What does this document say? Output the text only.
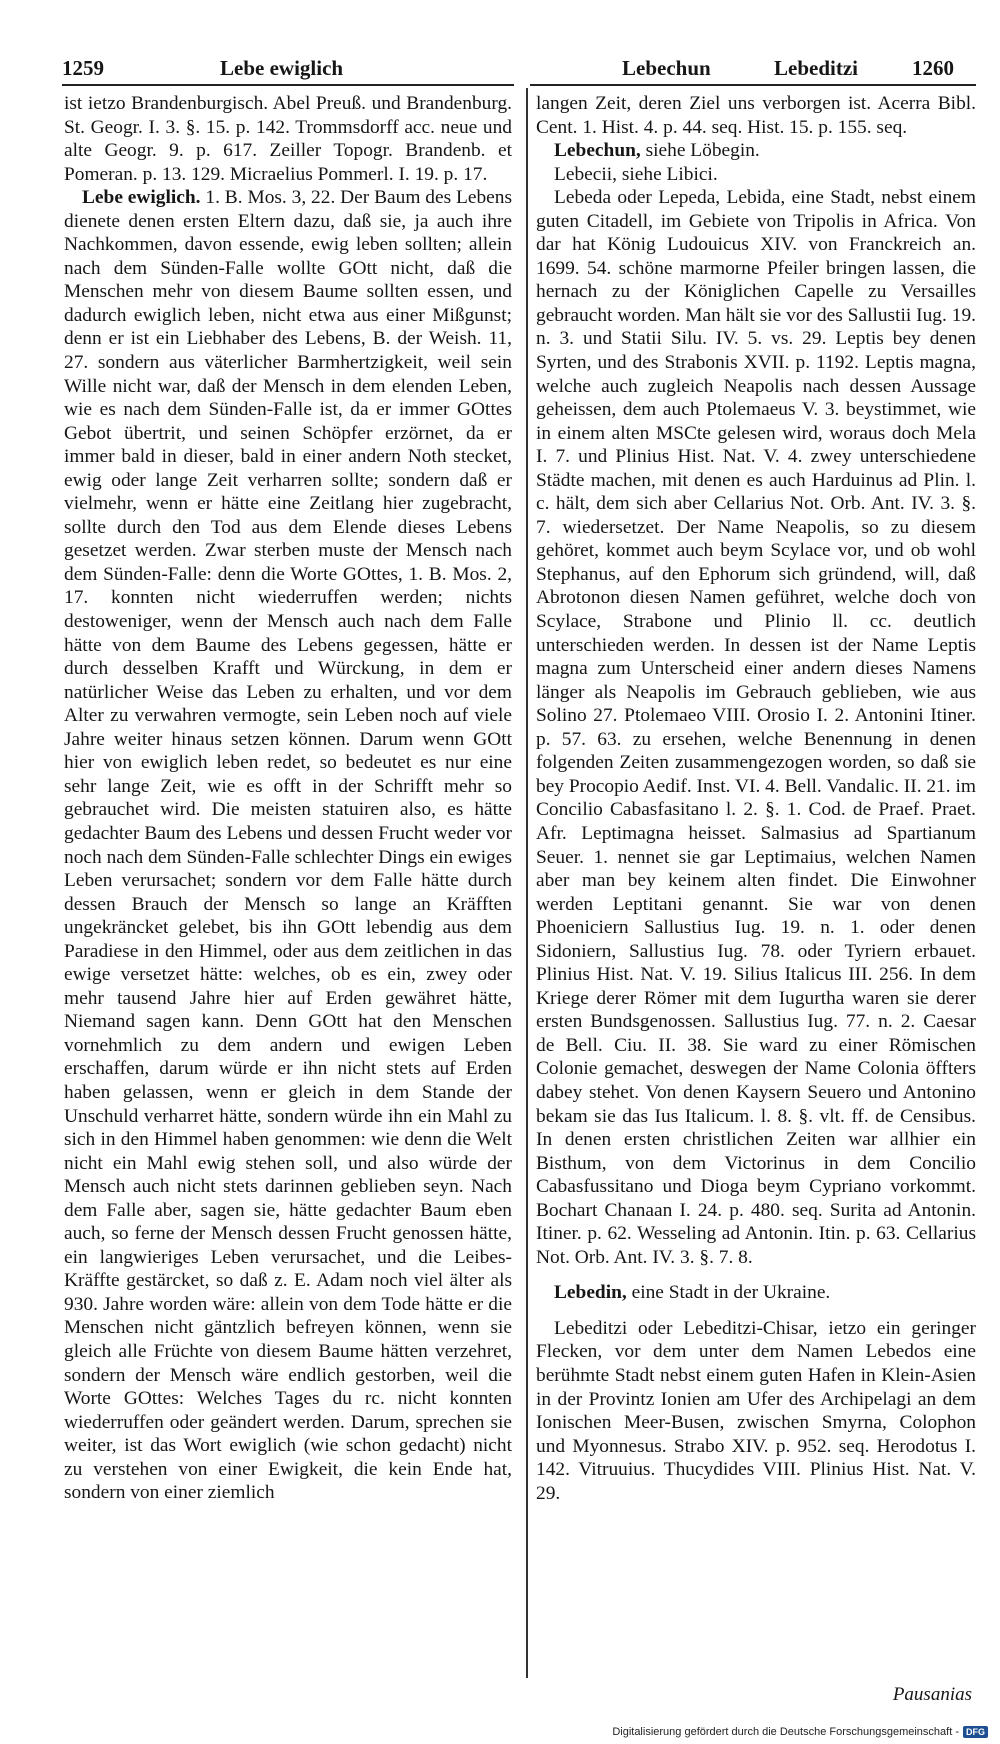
1259	Lebe ewiglich	Lebechun	Lebeditzi	1260

ist ietzo Brandenburgisch. Abel Preuß. und Brandenburg. St. Geogr. I. 3. §. 15. p. 142. Trommsdorff acc. neue und alte Geogr. 9. p. 617. Zeiller Topogr. Brandenb. et Pomeran. p. 13. 129. Micraelius Pommerl. I. 19. p. 17.

Lebe ewiglich. 1. B. Mos. 3, 22. Der Baum des Lebens dienete denen ersten Eltern dazu, daß sie, ja auch ihre Nachkommen, davon essende, ewig leben sollten; allein nach dem Sünden-Falle wollte GOtt nicht, daß die Menschen mehr von diesem Baume sollten essen, und dadurch ewiglich leben, nicht etwa aus einer Mißgunst; denn er ist ein Liebhaber des Lebens, B. der Weish. 11, 27. sondern aus väterlicher Barmhertzigkeit, weil sein Wille nicht war, daß der Mensch in dem elenden Leben, wie es nach dem Sünden-Falle ist, da er immer GOttes Gebot übertrit, und seinen Schöpfer erzörnet, da er immer bald in dieser, bald in einer andern Noth stecket, ewig oder lange Zeit verharren sollte; sondern daß er vielmehr, wenn er hätte eine Zeitlang hier zugebracht, sollte durch den Tod aus dem Elende dieses Lebens gesetzet werden. Zwar sterben muste der Mensch nach dem Sünden-Falle: denn die Worte GOttes, 1. B. Mos. 2, 17. konnten nicht wiederruffen werden; nichts destoweniger, wenn der Mensch auch nach dem Falle hätte von dem Baume des Lebens gegessen, hätte er durch desselben Krafft und Würckung, in dem er natürlicher Weise das Leben zu erhalten, und vor dem Alter zu verwahren vermogte, sein Leben noch auf viele Jahre weiter hinaus setzen können. Darum wenn GOtt hier von ewiglich leben redet, so bedeutet es nur eine sehr lange Zeit, wie es offt in der Schrifft mehr so gebrauchet wird. Die meisten statuiren also, es hätte gedachter Baum des Lebens und dessen Frucht weder vor noch nach dem Sünden-Falle schlechter Dings ein ewiges Leben verursachet; sondern vor dem Falle hätte durch dessen Brauch der Mensch so lange an Kräfften ungekräncket gelebet, bis ihn GOtt lebendig aus dem Paradiese in den Himmel, oder aus dem zeitlichen in das ewige versetzet hätte: welches, ob es ein, zwey oder mehr tausend Jahre hier auf Erden gewähret hätte, Niemand sagen kann. Denn GOtt hat den Menschen vornehmlich zu dem andern und ewigen Leben erschaffen, darum würde er ihn nicht stets auf Erden haben gelassen, wenn er gleich in dem Stande der Unschuld verharret hätte, sondern würde ihn ein Mahl zu sich in den Himmel haben genommen: wie denn die Welt nicht ein Mahl ewig stehen soll, und also würde der Mensch auch nicht stets darinnen geblieben seyn. Nach dem Falle aber, sagen sie, hätte gedachter Baum eben auch, so ferne der Mensch dessen Frucht genossen hätte, ein langwieriges Leben verursachet, und die Leibes-Kräffte gestärcket, so daß z. E. Adam noch viel älter als 930. Jahre worden wäre: allein von dem Tode hätte er die Menschen nicht gäntzlich befreyen können, wenn sie gleich alle Früchte von diesem Baume hätten verzehret, sondern der Mensch wäre endlich gestorben, weil die Worte GOttes: Welches Tages du rc. nicht konnten wiederruffen oder geändert werden. Darum, sprechen sie weiter, ist das Wort ewiglich (wie schon gedacht) nicht zu verstehen von einer Ewigkeit, die kein Ende hat, sondern von einer ziemlich

langen Zeit, deren Ziel uns verborgen ist. Acerra Bibl. Cent. 1. Hist. 4. p. 44. seq. Hist. 15. p. 155. seq.

Lebechun, siehe Löbegin.

Lebecii, siehe Libici.

Lebeda oder Lepeda, Lebida, eine Stadt, nebst einem guten Citadell, im Gebiete von Tripolis in Africa. Von dar hat König Ludouicus XIV. von Franckreich an. 1699. 54. schöne marmorne Pfeiler bringen lassen, die hernach zu der Königlichen Capelle zu Versailles gebraucht worden. Man hält sie vor des Sallustii Iug. 19. n. 3. und Statii Silu. IV. 5. vs. 29. Leptis bey denen Syrten, und des Strabonis XVII. p. 1192. Leptis magna, welche auch zugleich Neapolis nach dessen Aussage geheissen, dem auch Ptolemaeus V. 3. beystimmet, wie in einem alten MSCte gelesen wird, woraus doch Mela I. 7. und Plinius Hist. Nat. V. 4. zwey unterschiedene Städte machen, mit denen es auch Harduinus ad Plin. l. c. hält, dem sich aber Cellarius Not. Orb. Ant. IV. 3. §. 7. wiedersetzet. Der Name Neapolis, so zu diesem gehöret, kommet auch beym Scylace vor, und ob wohl Stephanus, auf den Ephorum sich gründend, will, daß Abrotonon diesen Namen geführet, welche doch von Scylace, Strabone und Plinio ll. cc. deutlich unterschieden werden. In dessen ist der Name Leptis magna zum Unterscheid einer andern dieses Namens länger als Neapolis im Gebrauch geblieben, wie aus Solino 27. Ptolemaeo VIII. Orosio I. 2. Antonini Itiner. p. 57. 63. zu ersehen, welche Benennung in denen folgenden Zeiten zusammengezogen worden, so daß sie bey Procopio Aedif. Inst. VI. 4. Bell. Vandalic. II. 21. im Concilio Cabasfasitano l. 2. §. 1. Cod. de Praef. Praet. Afr. Leptimagna heisset. Salmasius ad Spartianum Seuer. 1. nennet sie gar Leptimaius, welchen Namen aber man bey keinem alten findet. Die Einwohner werden Leptitani genannt. Sie war von denen Phoeniciern Sallustius Iug. 19. n. 1. oder denen Sidoniern, Sallustius Iug. 78. oder Tyriern erbauet. Plinius Hist. Nat. V. 19. Silius Italicus III. 256. In dem Kriege derer Römer mit dem Iugurtha waren sie derer ersten Bundsgenossen. Sallustius Iug. 77. n. 2. Caesar de Bell. Ciu. II. 38. Sie ward zu einer Römischen Colonie gemachet, deswegen der Name Colonia öffters dabey stehet. Von denen Kaysern Seuero und Antonino bekam sie das Ius Italicum. l. 8. §. vlt. ff. de Censibus. In denen ersten christlichen Zeiten war allhier ein Bisthum, von dem Victorinus in dem Concilio Cabasfussitano und Dioga beym Cypriano vorkommt. Bochart Chanaan I. 24. p. 480. seq. Surita ad Antonin. Itiner. p. 62. Wesseling ad Antonin. Itin. p. 63. Cellarius Not. Orb. Ant. IV. 3. §. 7. 8.

Lebedin, eine Stadt in der Ukraine.

Lebeditzi oder Lebeditzi-Chisar, ietzo ein geringer Flecken, vor dem unter dem Namen Lebedos eine berühmte Stadt nebst einem guten Hafen in Klein-Asien in der Provintz Ionien am Ufer des Archipelagi an dem Ionischen Meer-Busen, zwischen Smyrna, Colophon und Myonnesus. Strabo XIV. p. 952. seq. Herodotus I. 142. Vitruuius. Thucydides VIII. Plinius Hist. Nat. V. 29.

Pausanias
Digitalisierung gefördert durch die Deutsche Forschungsgemeinschaft - DFG
